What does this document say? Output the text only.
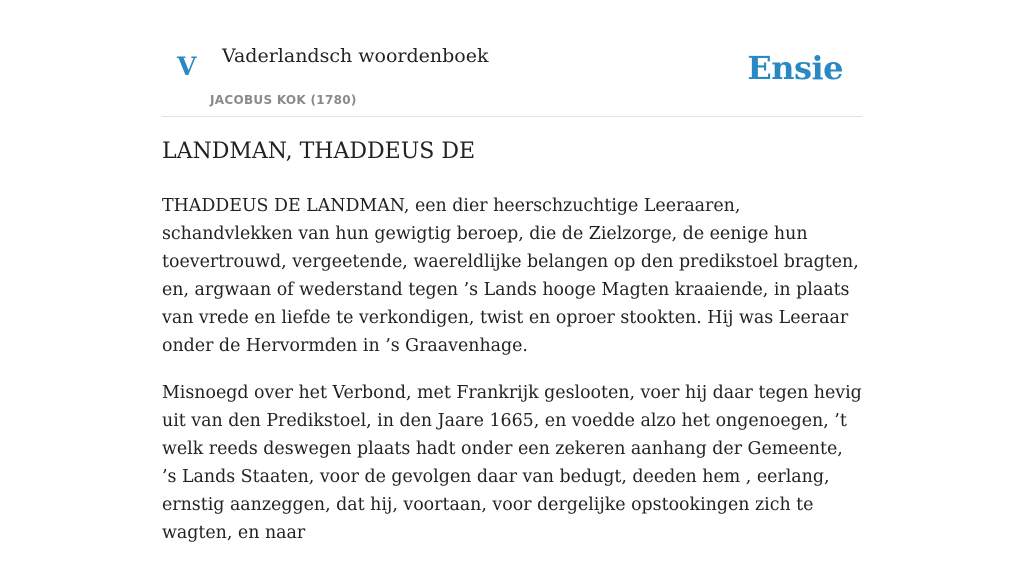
V Vaderlandsch woordenboek
JACOBUS KOK (1780)
Ensie
LANDMAN, THADDEUS DE

THADDEUS DE LANDMAN, een dier heerschzuchtige Leeraaren, schandvlekken van hun gewigtig beroep, die de Zielzorge, de eenige hun toevertrouwd, vergeetende, waereldlijke belangen op den predikstoel bragten, en, argwaan of wederstand tegen ’s Lands hooge Magten kraaiende, in plaats van vrede en liefde te verkondigen, twist en oproer stookten. Hij was Leeraar onder de Hervormden in ’s Graavenhage.

Misnoegd over het Verbond, met Frankrijk geslooten, voer hij daar tegen hevig uit van den Predikstoel, in den Jaare 1665, en voedde alzo het ongenoegen, ’t welk reeds deswegen plaats hadt onder een zekeren aanhang der Gemeente, ’s Lands Staaten, voor de gevolgen daar van bedugt, deeden hem , eerlang, ernstig aanzeggen, dat hij, voortaan, voor dergelijke opstookingen zich te wagten, en naar
